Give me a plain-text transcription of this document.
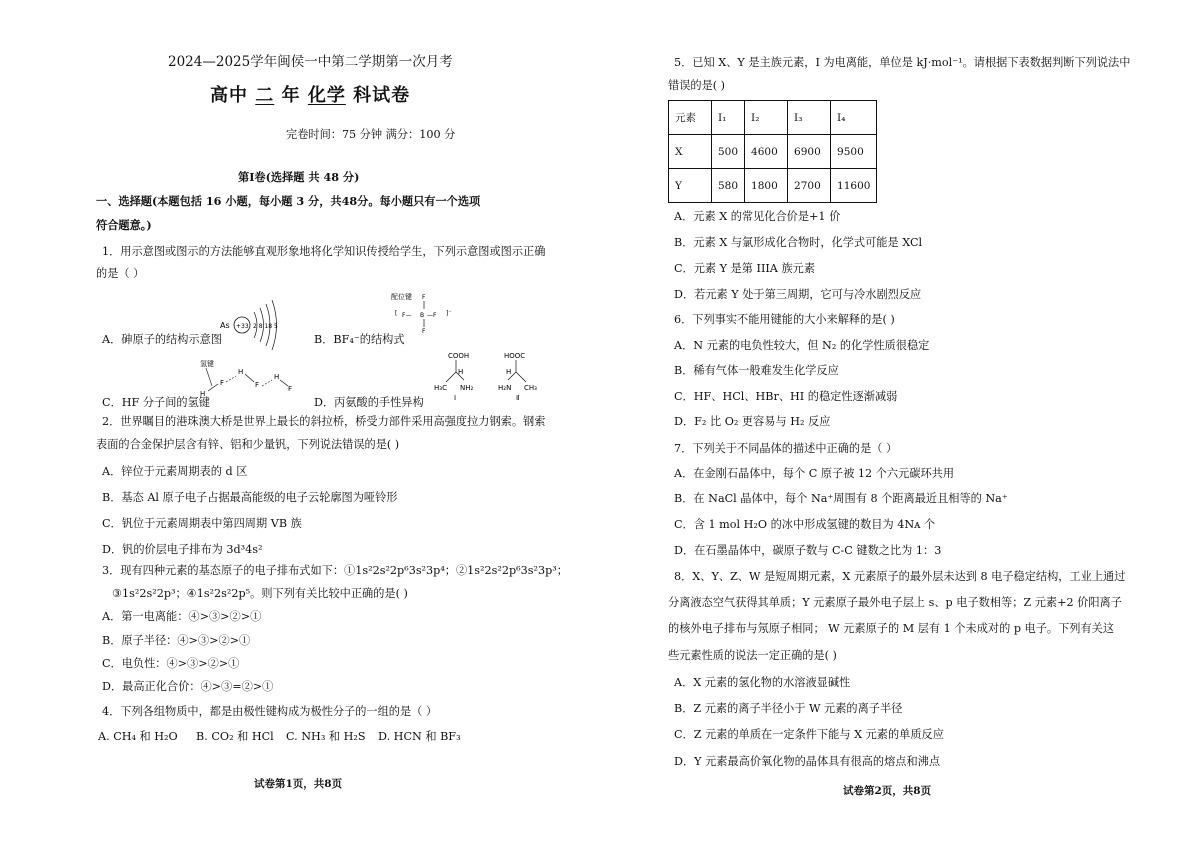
2024—2025学年闽侯一中第二学期第一次月考
高中 二 年 化学 科试卷
完卷时间：75 分钟 满分：100 分
第Ⅰ卷(选择题 共 48 分)
一、选择题(本题包括 16 小题，每小题 3 分，共48分。每小题只有一个选项
符合题意。)
1．用示意图或图示的方法能够直观形象地将化学知识传授给学生，下列示意图或图示正确
的是（ ）
As +33 2 8 18 5
A．砷原子的结构示意图
配位键 F
[ F— B —F
F
]⁻
B．BF₄⁻的结构式
氢键
H
F
H
F
H
F
C．HF 分子间的氢键
COOH
H
H₃C NH₂
Ⅰ
HOOC
H
H₂N CH₃
Ⅱ
D．丙氨酸的手性异构
2．世界瞩目的港珠澳大桥是世界上最长的斜拉桥，桥受力部件采用高强度拉力钢索。钢索
表面的合金保护层含有锌、铝和少量钒，下列说法错误的是( )
A．锌位于元素周期表的 d 区
B．基态 Al 原子电子占据最高能级的电子云轮廓图为哑铃形
C．钒位于元素周期表中第四周期 VB 族
D．钒的价层电子排布为 3d³4s²
3．现有四种元素的基态原子的电子排布式如下：①1s²2s²2p⁶3s²3p⁴；②1s²2s²2p⁶3s²3p³；
③1s²2s²2p³；④1s²2s²2p⁵。则下列有关比较中正确的是( )
A．第一电离能：④>③>②>①
B．原子半径：④>③>②>①
C．电负性：④>③>②>①
D．最高正化合价：④>③=②>①
4．下列各组物质中，都是由极性键构成为极性分子的一组的是（ ）
A. CH₄ 和 H₂O B. CO₂ 和 HCl C. NH₃ 和 H₂S D. HCN 和 BF₃
试卷第1页，共8页
5．已知 X、Y 是主族元素，I 为电离能，单位是 kJ·mol⁻¹。请根据下表数据判断下列说法中
错误的是( )
元素	I₁	I₂	I₃	I₄
X	500	4600	6900	9500
Y	580	1800	2700	11600
A．元素 X 的常见化合价是+1 价
B．元素 X 与氯形成化合物时，化学式可能是 XCl
C．元素 Y 是第 IIIA 族元素
D．若元素 Y 处于第三周期，它可与冷水剧烈反应
6．下列事实不能用键能的大小来解释的是( )
A．N 元素的电负性较大，但 N₂ 的化学性质很稳定
B．稀有气体一般难发生化学反应
C．HF、HCl、HBr、HI 的稳定性逐渐减弱
D．F₂ 比 O₂ 更容易与 H₂ 反应
7．下列关于不同晶体的描述中正确的是（ ）
A．在金刚石晶体中，每个 C 原子被 12 个六元碳环共用
B．在 NaCl 晶体中，每个 Na⁺周围有 8 个距离最近且相等的 Na⁺
C．含 1 mol H₂O 的冰中形成氢键的数目为 4Nᴀ 个
D．在石墨晶体中，碳原子数与 C-C 键数之比为 1：3
8．X、Y、Z、W 是短周期元素，X 元素原子的最外层未达到 8 电子稳定结构，工业上通过
分离液态空气获得其单质；Y 元素原子最外电子层上 s、p 电子数相等；Z 元素+2 价阳离子
的核外电子排布与氖原子相同； W 元素原子的 M 层有 1 个未成对的 p 电子。下列有关这
些元素性质的说法一定正确的是( )
A．X 元素的氢化物的水溶液显碱性
B．Z 元素的离子半径小于 W 元素的离子半径
C．Z 元素的单质在一定条件下能与 X 元素的单质反应
D．Y 元素最高价氧化物的晶体具有很高的熔点和沸点
试卷第2页，共8页
